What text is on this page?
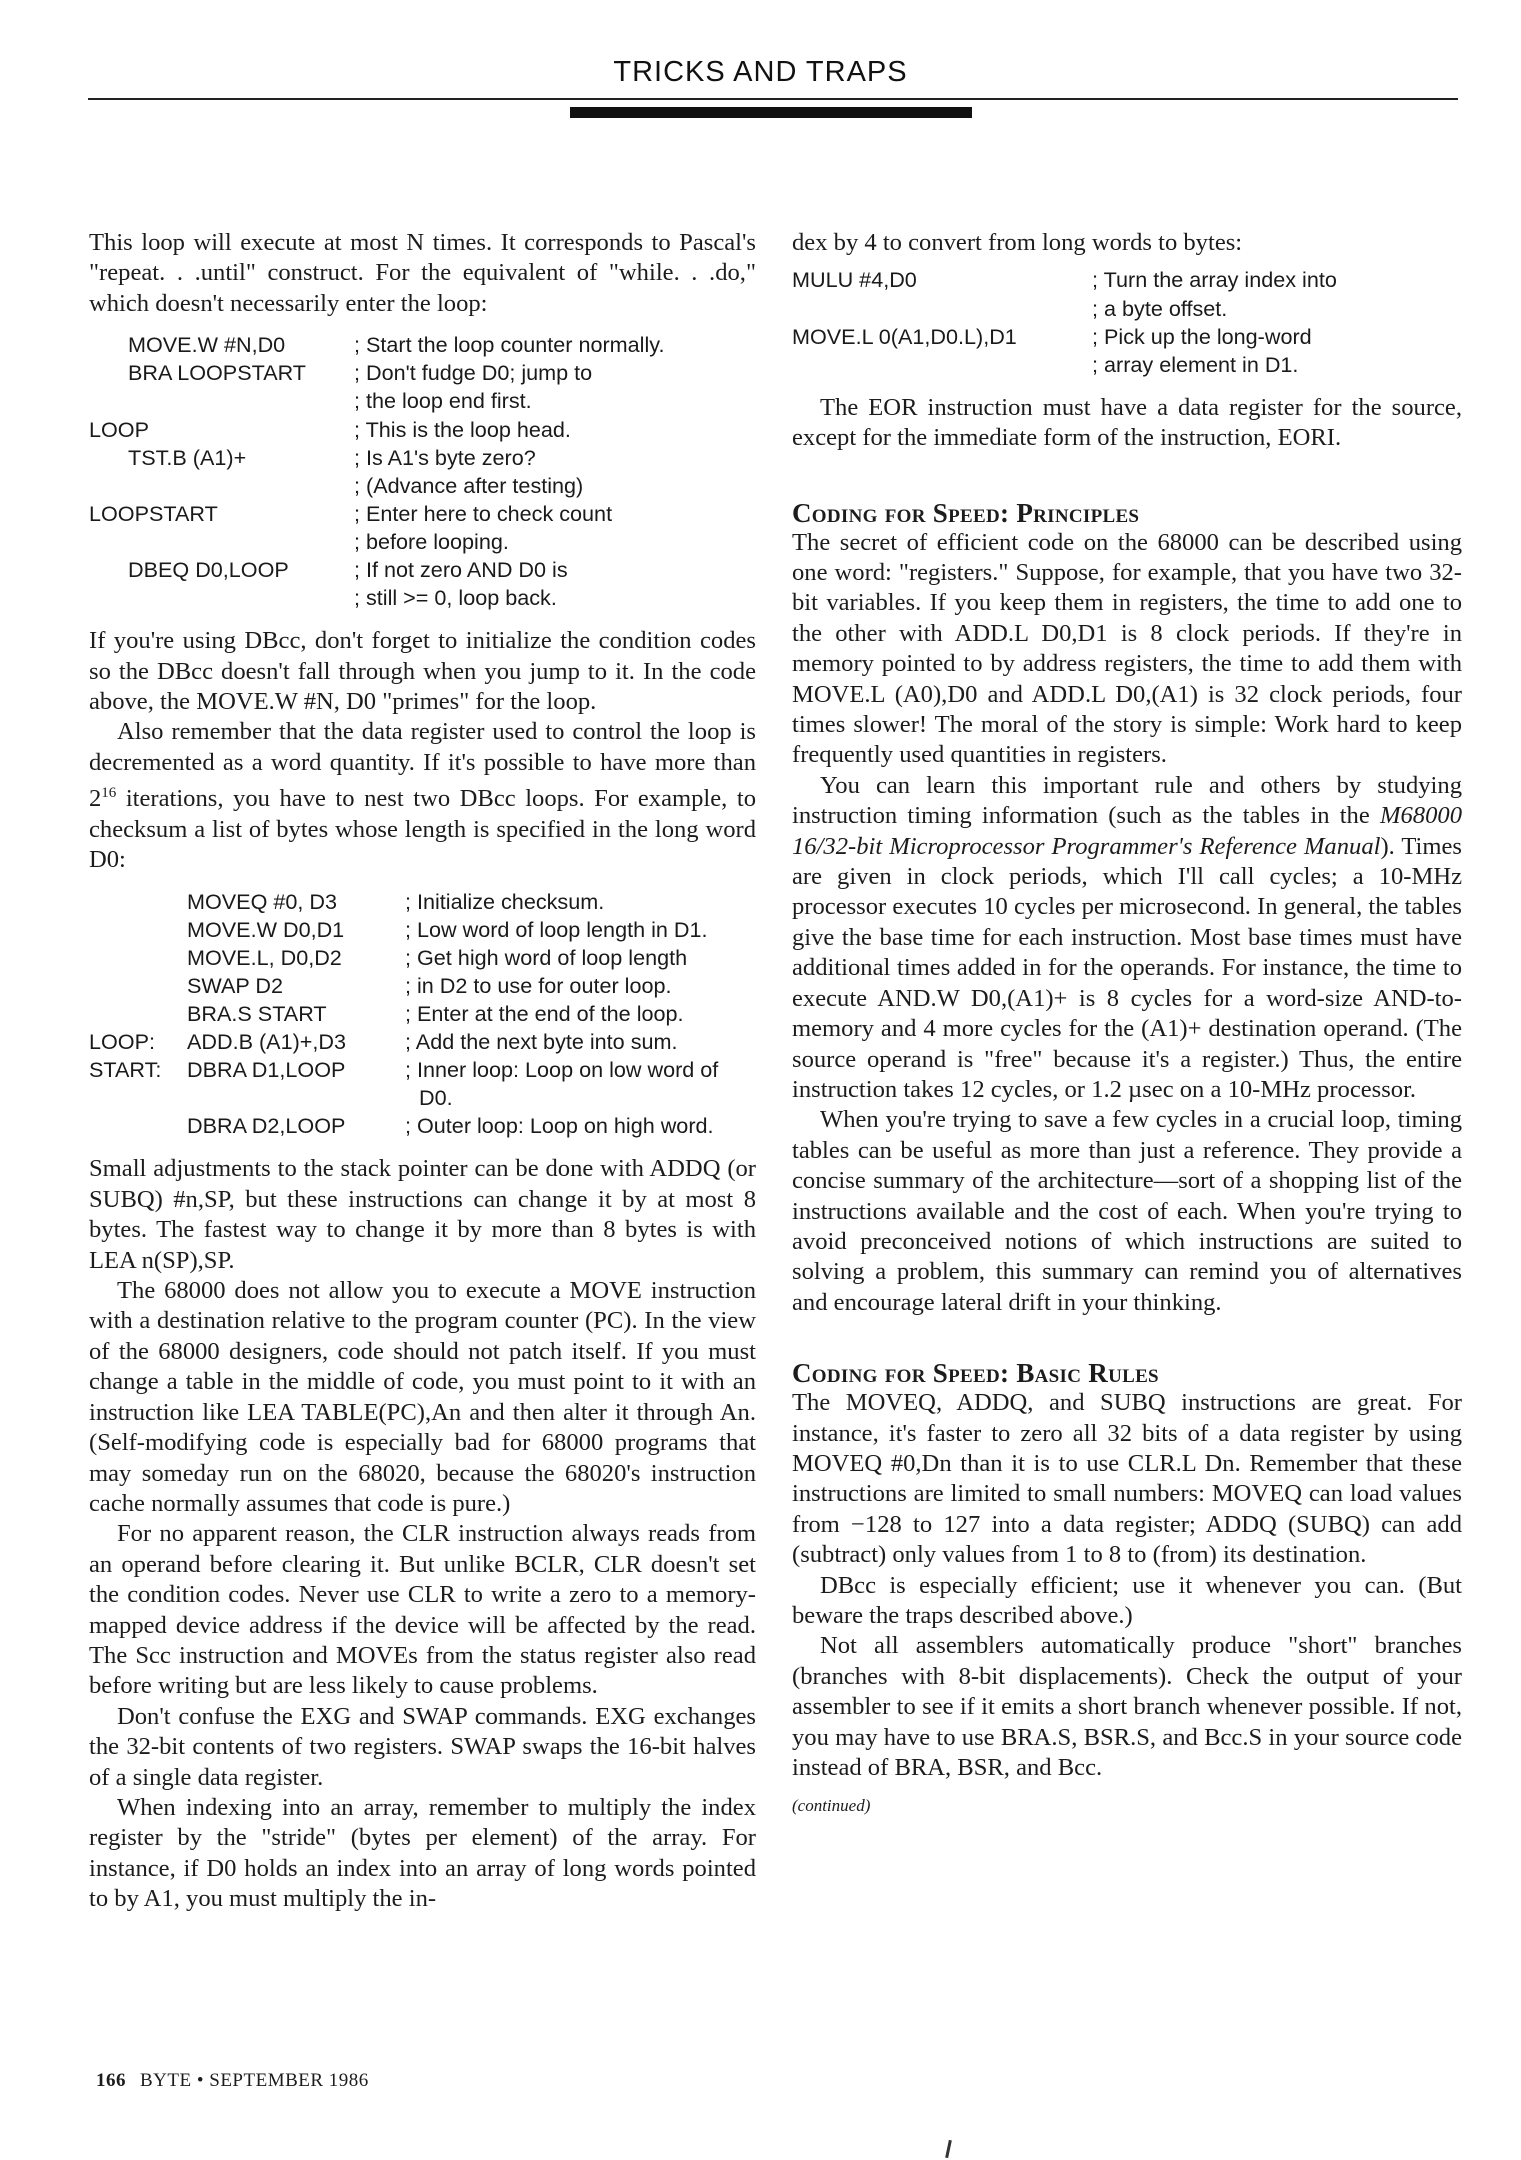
TRICKS AND TRAPS

This loop will execute at most N times. It corresponds to Pascal's "repeat. . .until" construct. For the equivalent of "while. . .do," which doesn't necessarily enter the loop:

MOVE.W #N,D0	; Start the loop counter normally.
BRA LOOPSTART	; Don't fudge D0; jump to
; the loop end first.
LOOP	; This is the loop head.
TST.B (A1)+	; Is A1's byte zero?
; (Advance after testing)
LOOPSTART	; Enter here to check count
; before looping.
DBEQ D0,LOOP	; If not zero AND D0 is
; still >= 0, loop back.

If you're using DBcc, don't forget to initialize the condition codes so the DBcc doesn't fall through when you jump to it. In the code above, the MOVE.W #N, D0 "primes" for the loop.

Also remember that the data register used to control the loop is decremented as a word quantity. If it's possible to have more than $2^{16}$ iterations, you have to nest two DBcc loops. For example, to checksum a list of bytes whose length is specified in the long word D0:

MOVEQ #0, D3	; Initialize checksum.
MOVE.W D0,D1	; Low word of loop length in D1.
MOVE.L, D0,D2	; Get high word of loop length
SWAP D2	; in D2 to use for outer loop.
BRA.S START	; Enter at the end of the loop.
LOOP:	ADD.B (A1)+,D3	; Add the next byte into sum.
START:	DBRA D1,LOOP	; Inner loop: Loop on low word of
D0.
DBRA D2,LOOP	; Outer loop: Loop on high word.

Small adjustments to the stack pointer can be done with ADDQ (or SUBQ) #n,SP, but these instructions can change it by at most 8 bytes. The fastest way to change it by more than 8 bytes is with LEA n(SP),SP.

The 68000 does not allow you to execute a MOVE instruction with a destination relative to the program counter (PC). In the view of the 68000 designers, code should not patch itself. If you must change a table in the middle of code, you must point to it with an instruction like LEA TABLE(PC),An and then alter it through An. (Self-modifying code is especially bad for 68000 programs that may someday run on the 68020, because the 68020's instruction cache normally assumes that code is pure.)

For no apparent reason, the CLR instruction always reads from an operand before clearing it. But unlike BCLR, CLR doesn't set the condition codes. Never use CLR to write a zero to a memory-mapped device address if the device will be affected by the read. The Scc instruction and MOVEs from the status register also read before writing but are less likely to cause problems.

Don't confuse the EXG and SWAP commands. EXG exchanges the 32-bit contents of two registers. SWAP swaps the 16-bit halves of a single data register.

When indexing into an array, remember to multiply the index register by the "stride" (bytes per element) of the array. For instance, if D0 holds an index into an array of long words pointed to by A1, you must multiply the in-

dex by 4 to convert from long words to bytes:

MULU #4,D0	; Turn the array index into
; a byte offset.
MOVE.L 0(A1,D0.L),D1	; Pick up the long-word
; array element in D1.

The EOR instruction must have a data register for the source, except for the immediate form of the instruction, EORI.

Coding for Speed: Principles

The secret of efficient code on the 68000 can be described using one word: "registers." Suppose, for example, that you have two 32-bit variables. If you keep them in registers, the time to add one to the other with ADD.L D0,D1 is 8 clock periods. If they're in memory pointed to by address registers, the time to add them with MOVE.L (A0),D0 and ADD.L D0,(A1) is 32 clock periods, four times slower! The moral of the story is simple: Work hard to keep frequently used quantities in registers.

You can learn this important rule and others by studying instruction timing information (such as the tables in the M68000 16/32-bit Microprocessor Programmer's Reference Manual). Times are given in clock periods, which I'll call cycles; a 10-MHz processor executes 10 cycles per microsecond. In general, the tables give the base time for each instruction. Most base times must have additional times added in for the operands. For instance, the time to execute AND.W D0,(A1)+ is 8 cycles for a word-size AND-to-memory and 4 more cycles for the (A1)+ destination operand. (The source operand is "free" because it's a register.) Thus, the entire instruction takes 12 cycles, or 1.2 µsec on a 10-MHz processor.

When you're trying to save a few cycles in a crucial loop, timing tables can be useful as more than just a reference. They provide a concise summary of the architecture—sort of a shopping list of the instructions available and the cost of each. When you're trying to avoid preconceived notions of which instructions are suited to solving a problem, this summary can remind you of alternatives and encourage lateral drift in your thinking.

Coding for Speed: Basic Rules

The MOVEQ, ADDQ, and SUBQ instructions are great. For instance, it's faster to zero all 32 bits of a data register by using MOVEQ #0,Dn than it is to use CLR.L Dn. Remember that these instructions are limited to small numbers: MOVEQ can load values from −128 to 127 into a data register; ADDQ (SUBQ) can add (subtract) only values from 1 to 8 to (from) its destination.

DBcc is especially efficient; use it whenever you can. (But beware the traps described above.)

Not all assemblers automatically produce "short" branches (branches with 8-bit displacements). Check the output of your assembler to see if it emits a short branch whenever possible. If not, you may have to use BRA.S, BSR.S, and Bcc.S in your source code instead of BRA, BSR, and Bcc.

(continued)

166 BYTE • SEPTEMBER 1986
